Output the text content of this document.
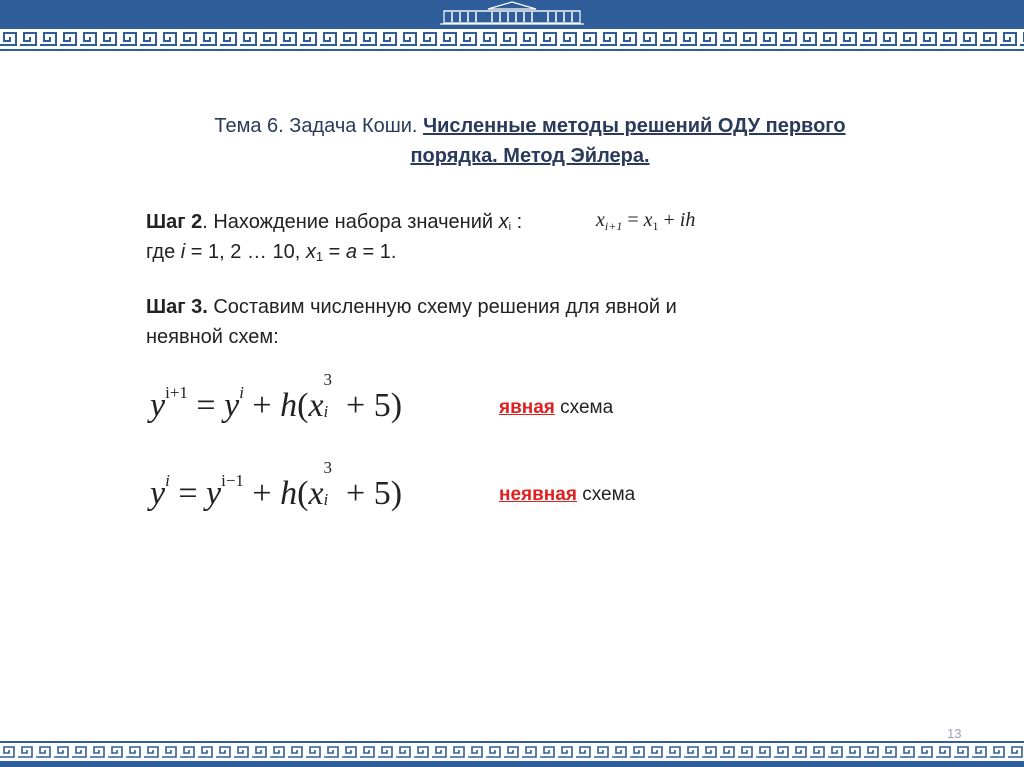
Тема 6. Задача Коши. Численные методы решений ОДУ первого
порядка. Метод Эйлера.
Шаг 2. Нахождение набора значений $x_i$ :
где i = 1, 2 … 10, $x_1 = a = 1$.
$x_{i+1} = x_1$ + ih
Шаг 3. Составим численную схему решения для явной и
неявной схем:
$y^{i+1} = y^i + h(x$
3
i + 5)	явная схема
$y^i = y^{i-1} + h(x$
3
i + 5)	неявная схема
13
